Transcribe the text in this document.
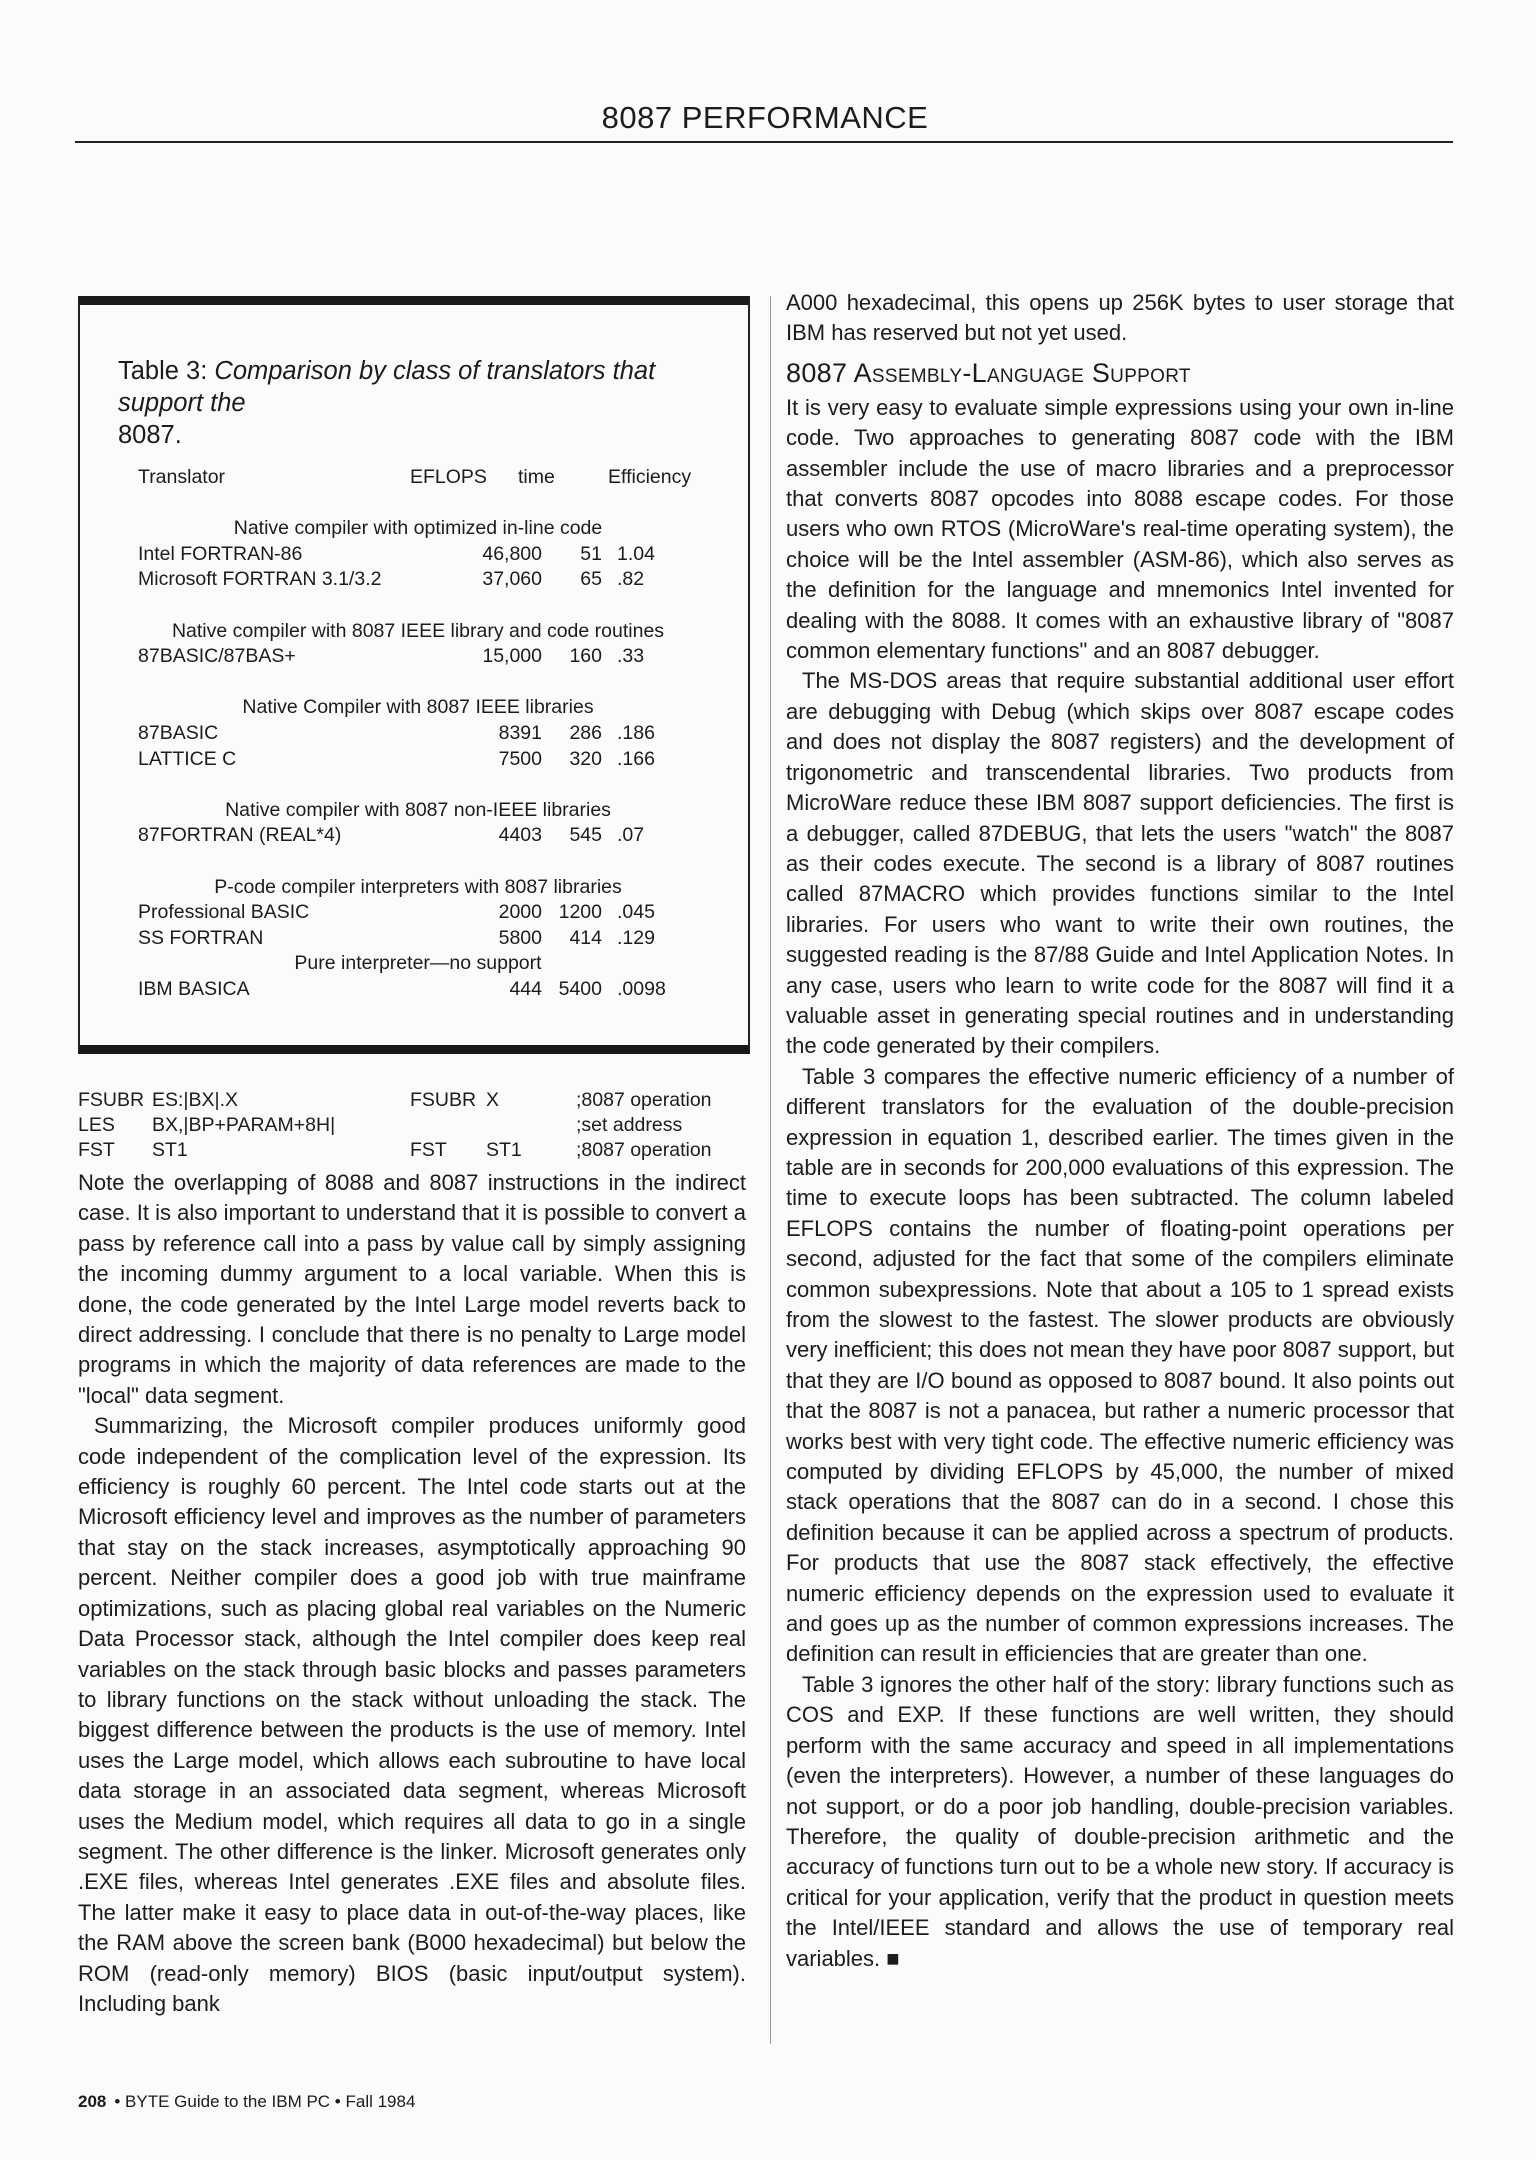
8087 PERFORMANCE
Table 3: Comparison by class of translators that support the
8087.
Translator	EFLOPS time	Efficiency
Native compiler with optimized in-line code
Intel FORTRAN-86	46,800 51 1.04
Microsoft FORTRAN 3.1/3.2	37,060 65 .82
Native compiler with 8087 IEEE library and code routines
87BASIC/87BAS+	15,000 160 .33
Native Compiler with 8087 IEEE libraries
87BASIC	8391 286 .186
LATTICE C	7500 320 .166
Native compiler with 8087 non-IEEE libraries
87FORTRAN (REAL*4)	4403 545 .07
P-code compiler interpreters with 8087 libraries
Professional BASIC	2000 1200 .045
SS FORTRAN	5800 414 .129
Pure interpreter—no support
IBM BASICA	444 5400 .0098
FSUBR ES:|BX|.X	FSUBR X	;8087 operation
LES BX,|BP+PARAM+8H|	;set address
FST ST1	FST ST1	;8087 operation

Note the overlapping of 8088 and 8087 instructions in the indirect case. It is also important to understand that it is possible to convert a pass by reference call into a pass by value call by simply assigning the incoming dummy argument to a local variable. When this is done, the code generated by the Intel Large model reverts back to direct addressing. I conclude that there is no penalty to Large model programs in which the majority of data references are made to the "local" data segment.

Summarizing, the Microsoft compiler produces uniformly good code independent of the complication level of the expression. Its efficiency is roughly 60 percent. The Intel code starts out at the Microsoft efficiency level and improves as the number of parameters that stay on the stack increases, asymptotically approaching 90 percent. Neither compiler does a good job with true mainframe optimizations, such as placing global real variables on the Numeric Data Processor stack, although the Intel compiler does keep real variables on the stack through basic blocks and passes parameters to library functions on the stack without unloading the stack. The biggest difference between the products is the use of memory. Intel uses the Large model, which allows each subroutine to have local data storage in an associated data segment, whereas Microsoft uses the Medium model, which requires all data to go in a single segment. The other difference is the linker. Microsoft generates only .EXE files, whereas Intel generates .EXE files and absolute files. The latter make it easy to place data in out-of-the-way places, like the RAM above the screen bank (B000 hexadecimal) but below the ROM (read-only memory) BIOS (basic input/output system). Including bank

A000 hexadecimal, this opens up 256K bytes to user storage that IBM has reserved but not yet used.

8087 Assembly-Language Support

It is very easy to evaluate simple expressions using your own in-line code. Two approaches to generating 8087 code with the IBM assembler include the use of macro libraries and a preprocessor that converts 8087 opcodes into 8088 escape codes. For those users who own RTOS (MicroWare's real-time operating system), the choice will be the Intel assembler (ASM-86), which also serves as the definition for the language and mnemonics Intel invented for dealing with the 8088. It comes with an exhaustive library of "8087 common elementary functions" and an 8087 debugger.

The MS-DOS areas that require substantial additional user effort are debugging with Debug (which skips over 8087 escape codes and does not display the 8087 registers) and the development of trigonometric and transcendental libraries. Two products from MicroWare reduce these IBM 8087 support deficiencies. The first is a debugger, called 87DEBUG, that lets the users "watch" the 8087 as their codes execute. The second is a library of 8087 routines called 87MACRO which provides functions similar to the Intel libraries. For users who want to write their own routines, the suggested reading is the 87/88 Guide and Intel Application Notes. In any case, users who learn to write code for the 8087 will find it a valuable asset in generating special routines and in understanding the code generated by their compilers.

Table 3 compares the effective numeric efficiency of a number of different translators for the evaluation of the double-precision expression in equation 1, described earlier. The times given in the table are in seconds for 200,000 evaluations of this expression. The time to execute loops has been subtracted. The column labeled EFLOPS contains the number of floating-point operations per second, adjusted for the fact that some of the compilers eliminate common subexpressions. Note that about a 105 to 1 spread exists from the slowest to the fastest. The slower products are obviously very inefficient; this does not mean they have poor 8087 support, but that they are I/O bound as opposed to 8087 bound. It also points out that the 8087 is not a panacea, but rather a numeric processor that works best with very tight code. The effective numeric efficiency was computed by dividing EFLOPS by 45,000, the number of mixed stack operations that the 8087 can do in a second. I chose this definition because it can be applied across a spectrum of products. For products that use the 8087 stack effectively, the effective numeric efficiency depends on the expression used to evaluate it and goes up as the number of common expressions increases. The definition can result in efficiencies that are greater than one.

Table 3 ignores the other half of the story: library functions such as COS and EXP. If these functions are well written, they should perform with the same accuracy and speed in all implementations (even the interpreters). However, a number of these languages do not support, or do a poor job handling, double-precision variables. Therefore, the quality of double-precision arithmetic and the accuracy of functions turn out to be a whole new story. If accuracy is critical for your application, verify that the product in question meets the Intel/IEEE standard and allows the use of temporary real variables. ■

208 • BYTE Guide to the IBM PC • Fall 1984
